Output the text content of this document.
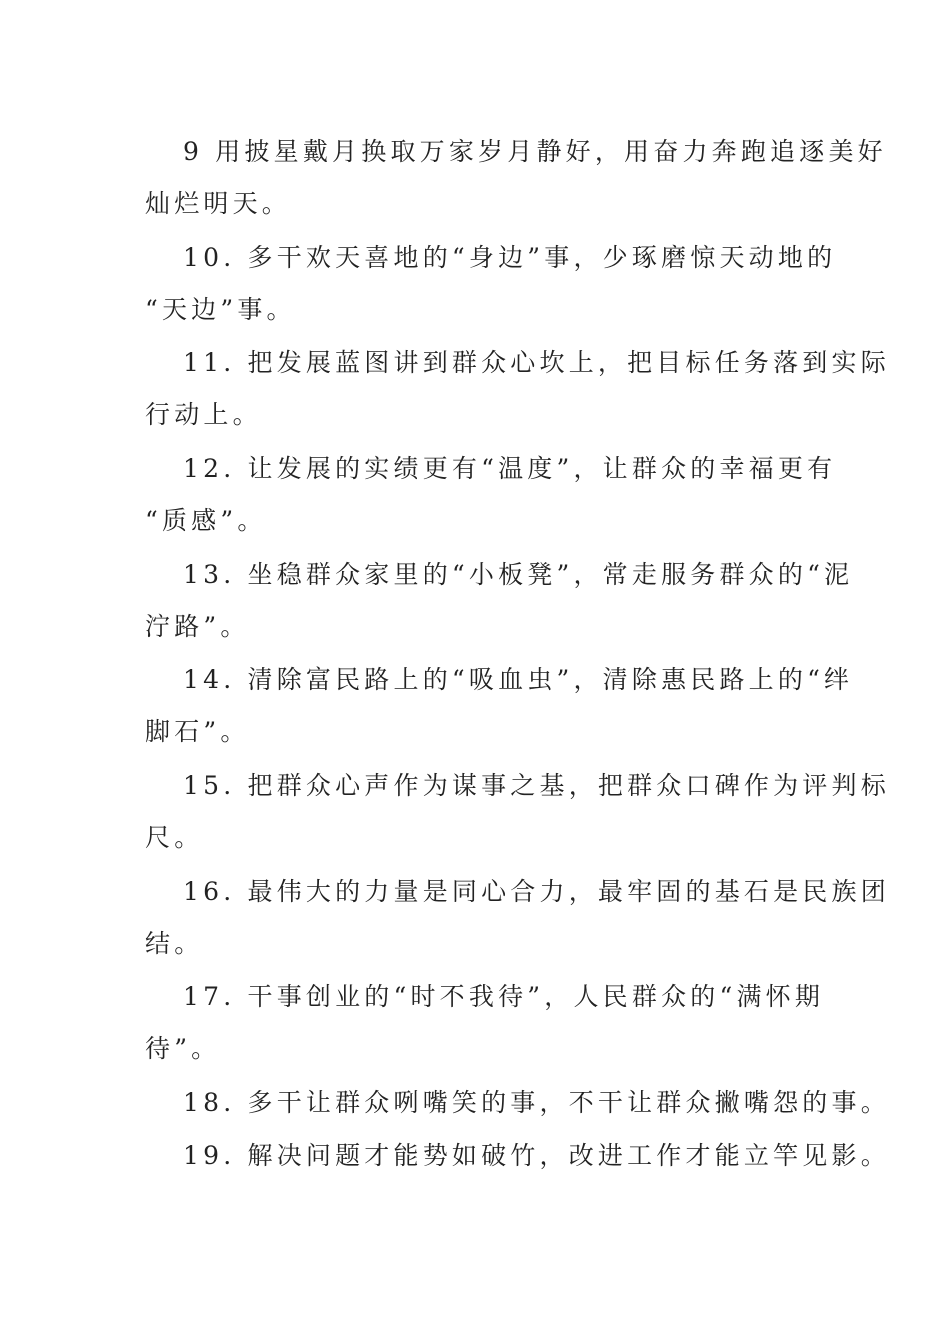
9 用披星戴月换取万家岁月静好，用奋力奔跑追逐美好
灿烂明天。

10. 多干欢天喜地的“身边”事，少琢磨惊天动地的
“天边”事。

11. 把发展蓝图讲到群众心坎上，把目标任务落到实际
行动上。

12. 让发展的实绩更有“温度”，让群众的幸福更有
“质感”。

13. 坐稳群众家里的“小板凳”，常走服务群众的“泥
泞路”。

14. 清除富民路上的“吸血虫”，清除惠民路上的“绊
脚石”。

15. 把群众心声作为谋事之基，把群众口碑作为评判标
尺。

16. 最伟大的力量是同心合力，最牢固的基石是民族团
结。

17. 干事创业的“时不我待”，人民群众的“满怀期
待”。

18. 多干让群众咧嘴笑的事，不干让群众撇嘴怨的事。

19. 解决问题才能势如破竹，改进工作才能立竿见影。
